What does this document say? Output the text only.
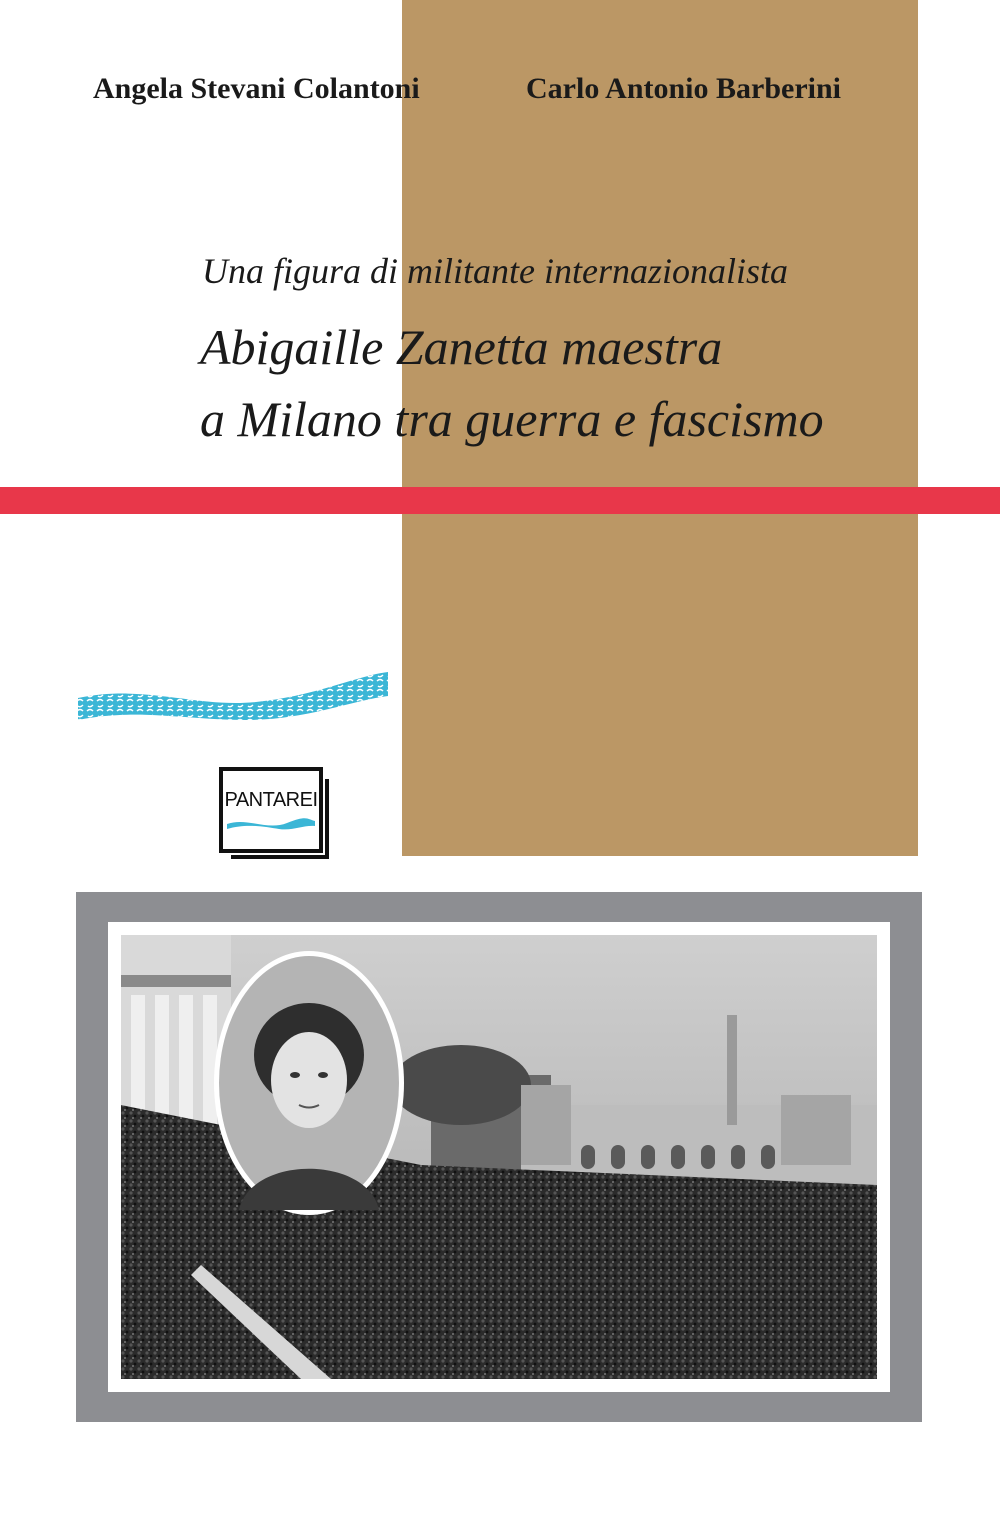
Angela Stevani Colantoni	Carlo Antonio Barberini
Una figura di militante internazionalista
Abigaille Zanetta maestra
a Milano tra guerra e fascismo
PANTAREI
